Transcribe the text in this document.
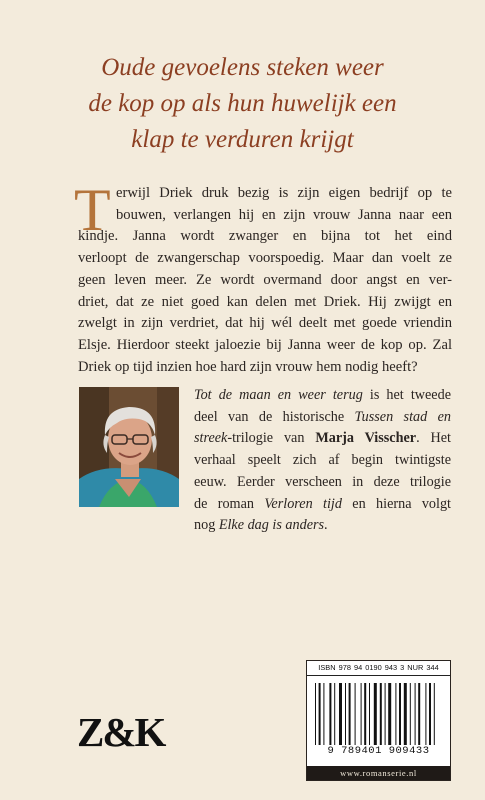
Oude gevoelens steken weer
de kop op als hun huwelijk een
klap te verduren krijgt
T erwijl Driek druk bezig is zijn eigen bedrijf op te
bouwen, verlangen hij en zijn vrouw Janna naar een
kindje. Janna wordt zwanger en bijna tot het eind
verloopt de zwangerschap voorspoedig. Maar dan voelt ze
geen leven meer. Ze wordt overmand door angst en ver-
driet, dat ze niet goed kan delen met Driek. Hij zwijgt en
zwelgt in zijn verdriet, dat hij wél deelt met goede vriendin
Elsje. Hierdoor steekt jaloezie bij Janna weer de kop op. Zal
Driek op tijd inzien hoe hard zijn vrouw hem nodig heeft?
Tot de maan en weer terug is het tweede
deel van de historische Tussen stad en
streek-trilogie van Marja Visscher. Het
verhaal speelt zich af begin twintigste
eeuw. Eerder verscheen in deze trilogie
de roman Verloren tijd en hierna volgt
nog Elke dag is anders.
Z&K
ISBN 978 94 0190 943 3 NUR 344
9 789401 909433
www.romanserie.nl
